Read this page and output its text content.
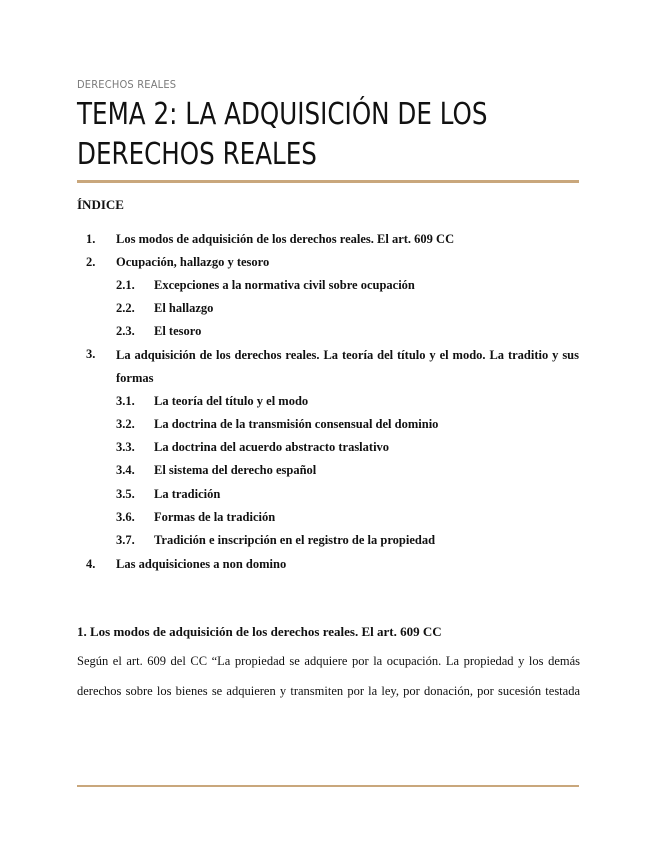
DERECHOS REALES
TEMA 2: LA ADQUISICIÓN DE LOS DERECHOS REALES
ÍNDICE
1. Los modos de adquisición de los derechos reales. El art. 609 CC
2. Ocupación, hallazgo y tesoro
2.1. Excepciones a la normativa civil sobre ocupación
2.2. El hallazgo
2.3. El tesoro
3. La adquisición de los derechos reales. La teoría del título y el modo. La traditio y sus formas
3.1. La teoría del título y el modo
3.2. La doctrina de la transmisión consensual del dominio
3.3. La doctrina del acuerdo abstracto traslativo
3.4. El sistema del derecho español
3.5. La tradición
3.6. Formas de la tradición
3.7. Tradición e inscripción en el registro de la propiedad
4. Las adquisiciones a non domino
1. Los modos de adquisición de los derechos reales. El art. 609 CC

Según el art. 609 del CC “La propiedad se adquiere por la ocupación. La propiedad y los demás derechos sobre los bienes se adquieren y transmiten por la ley, por donación, por sucesión testada
